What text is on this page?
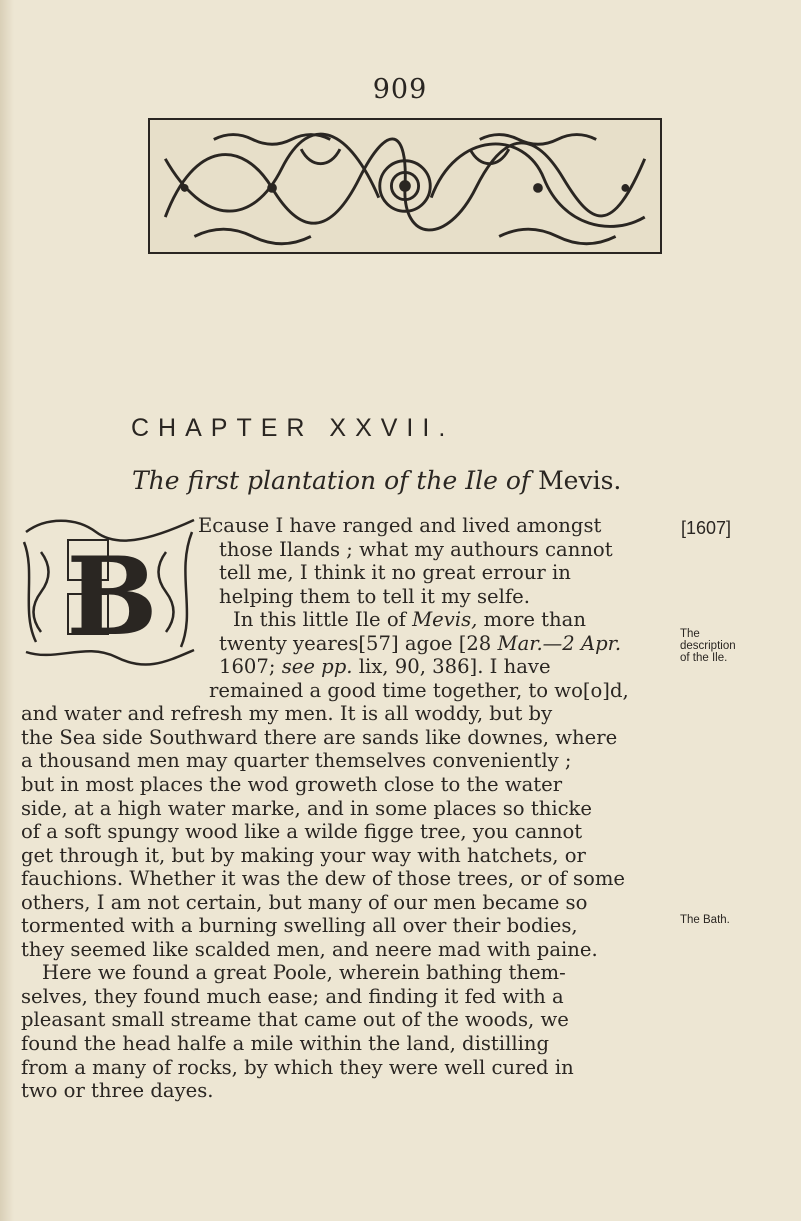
909
CHAPTER XXVII.
The first plantation of the Ile of Mevis.
B
Ecause I have ranged and lived amongst
those Ilands ; what my authours cannot
tell me, I think it no great errour in
helping them to tell it my selfe.
In this little Ile of Mevis, more than
twenty yeares[57] agoe [28 Mar.—2 Apr.
1607; see pp. lix, 90, 386]. I have
remained a good time together, to wo[o]d,
and water and refresh my men. It is all woddy, but by
the Sea side Southward there are sands like downes, where
a thousand men may quarter themselves conveniently ;
but in most places the wod groweth close to the water
side, at a high water marke, and in some places so thicke
of a soft spungy wood like a wilde figge tree, you cannot
get through it, but by making your way with hatchets, or
fauchions. Whether it was the dew of those trees, or of some
others, I am not certain, but many of our men became so
tormented with a burning swelling all over their bodies,
they seemed like scalded men, and neere mad with paine.
Here we found a great Poole, wherein bathing them-
selves, they found much ease; and finding it fed with a
pleasant small streame that came out of the woods, we
found the head halfe a mile within the land, distilling
from a many of rocks, by which they were well cured in
two or three dayes.
[1607]
The
description
of the Ile.
The Bath.
